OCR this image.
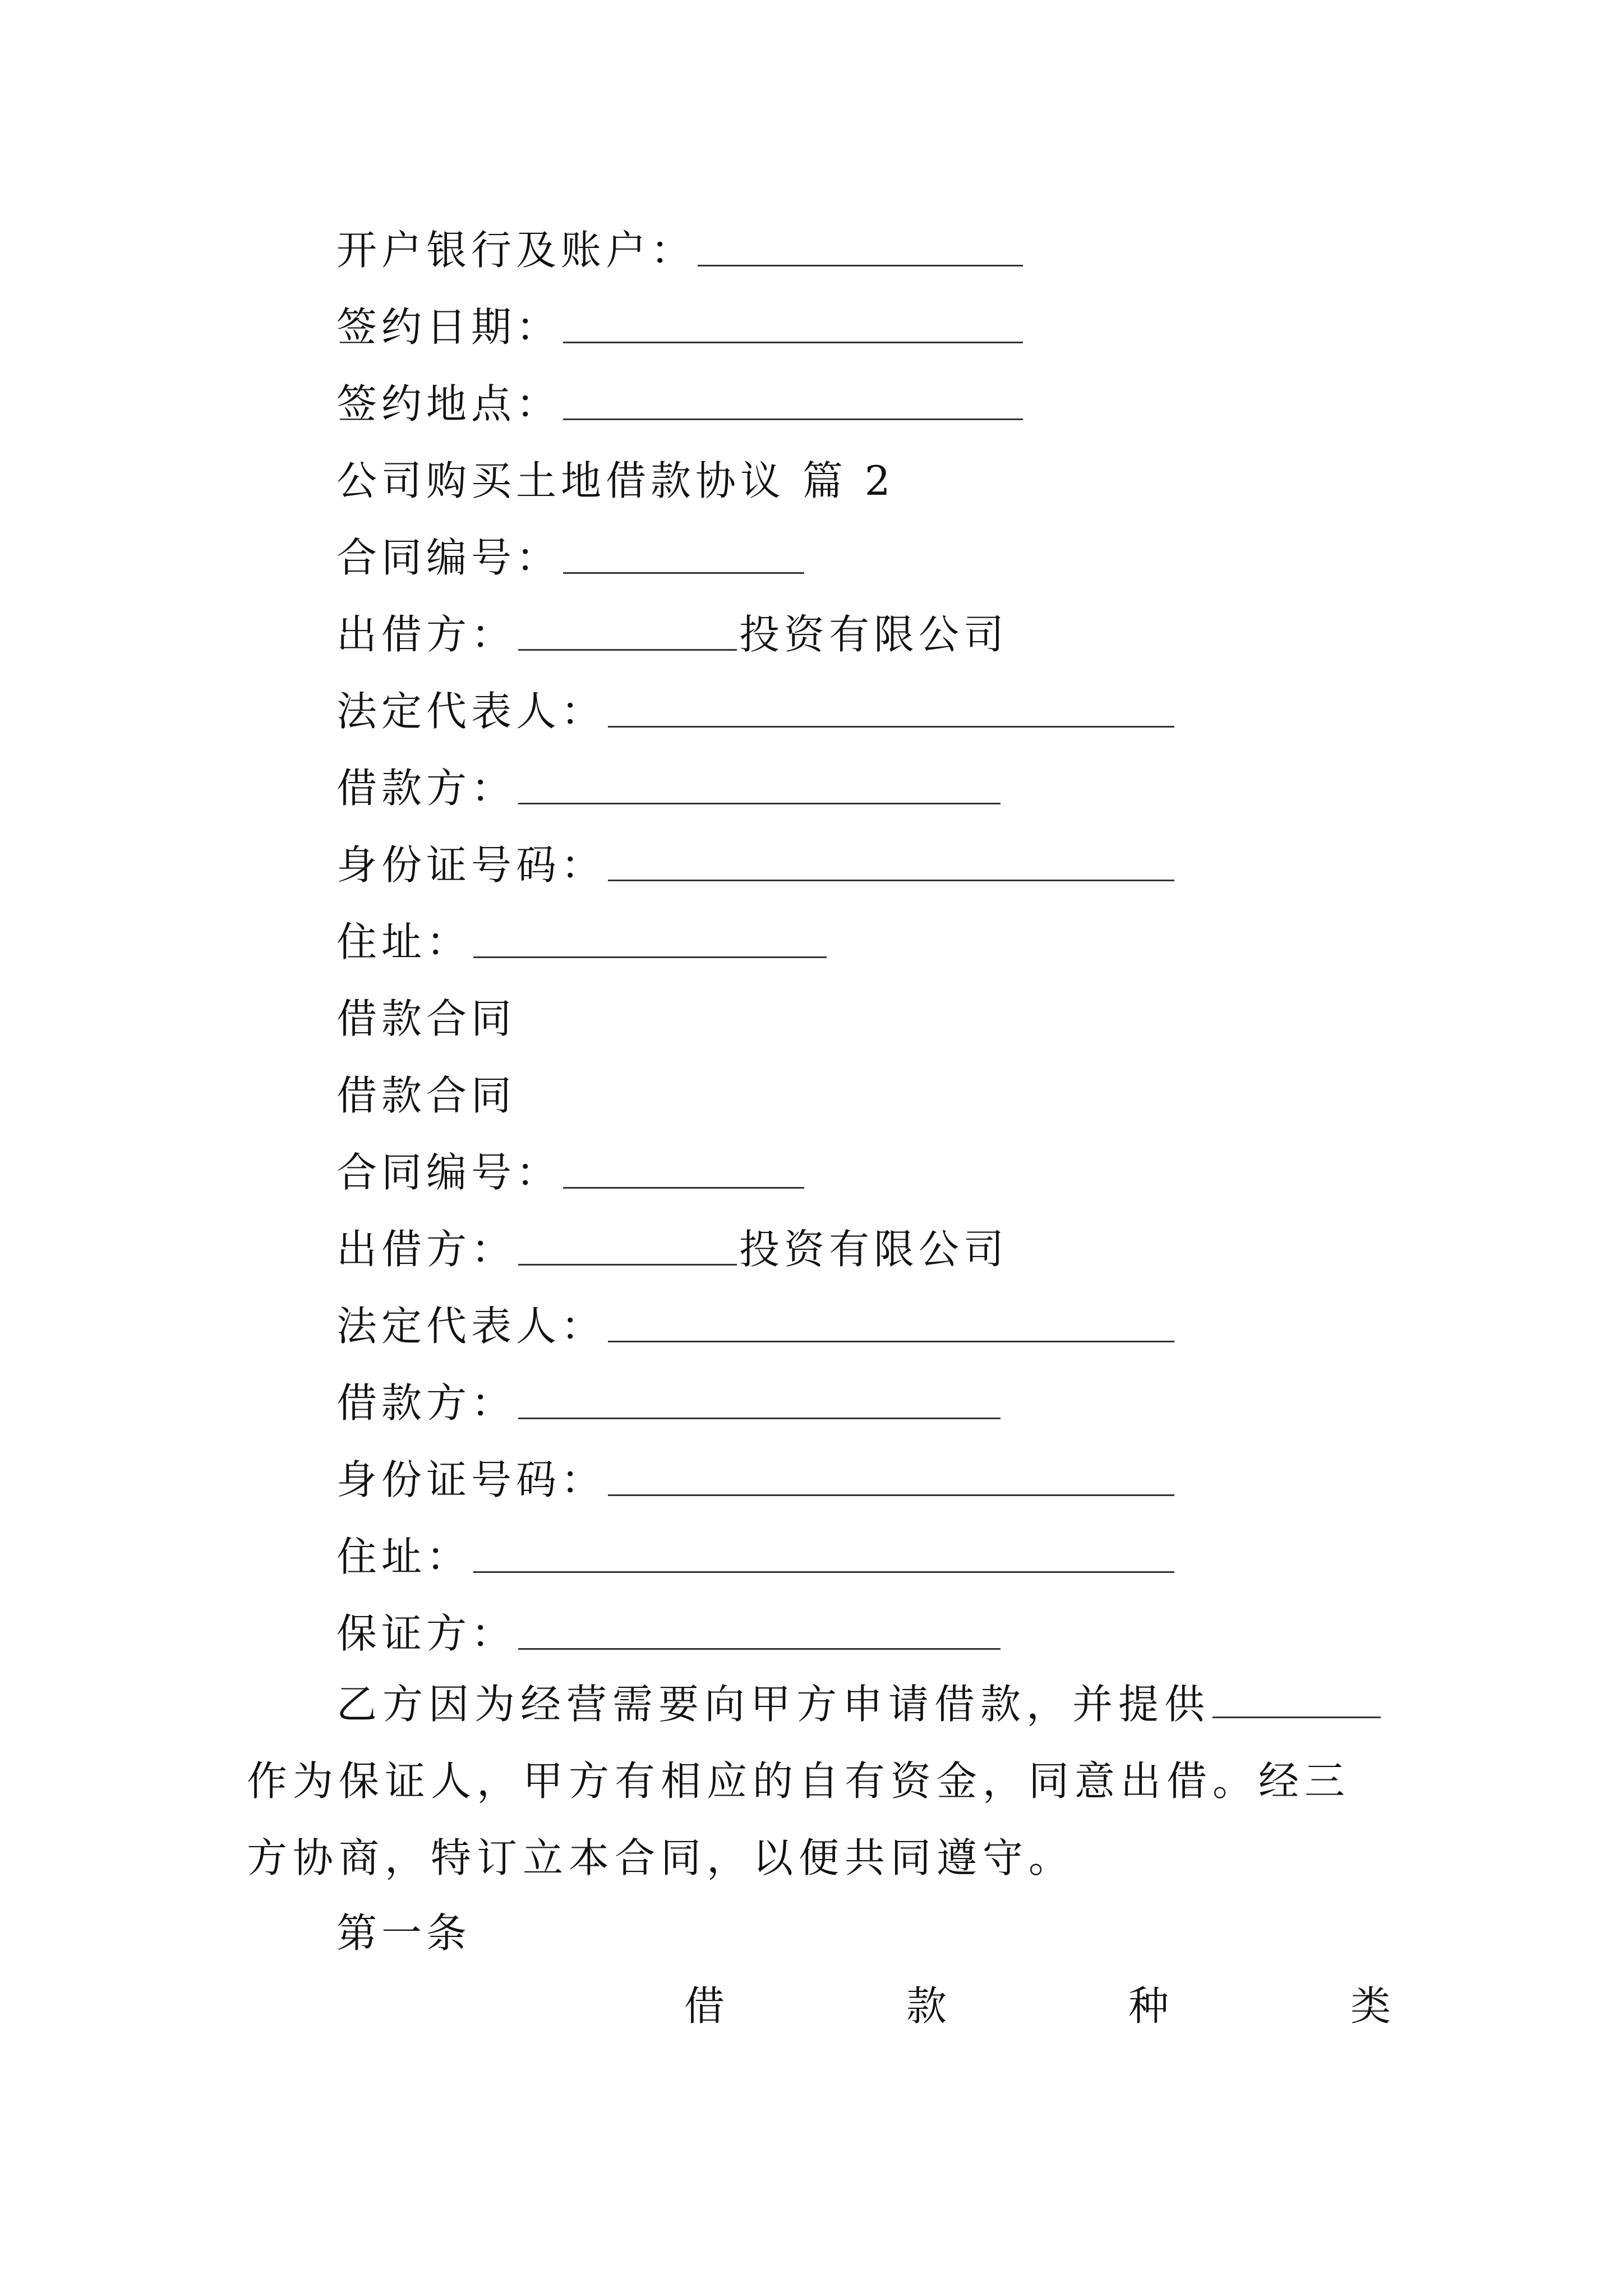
开户银行及账户：
签约日期：
签约地点：
公司购买土地借款协议 篇 2
合同编号：
出借方：	投资有限公司
法定代表人：
借款方：
身份证号码：
住址：
借款合同
借款合同
合同编号：
出借方：	投资有限公司
法定代表人：
借款方：
身份证号码：
住址：
保证方：
乙方因为经营需要向甲方申请借款，并提供作为保证人，甲方有相应的自有资金，同意出借。经三方协商，特订立本合同，以便共同遵守。
第一条
借	款	种	类
